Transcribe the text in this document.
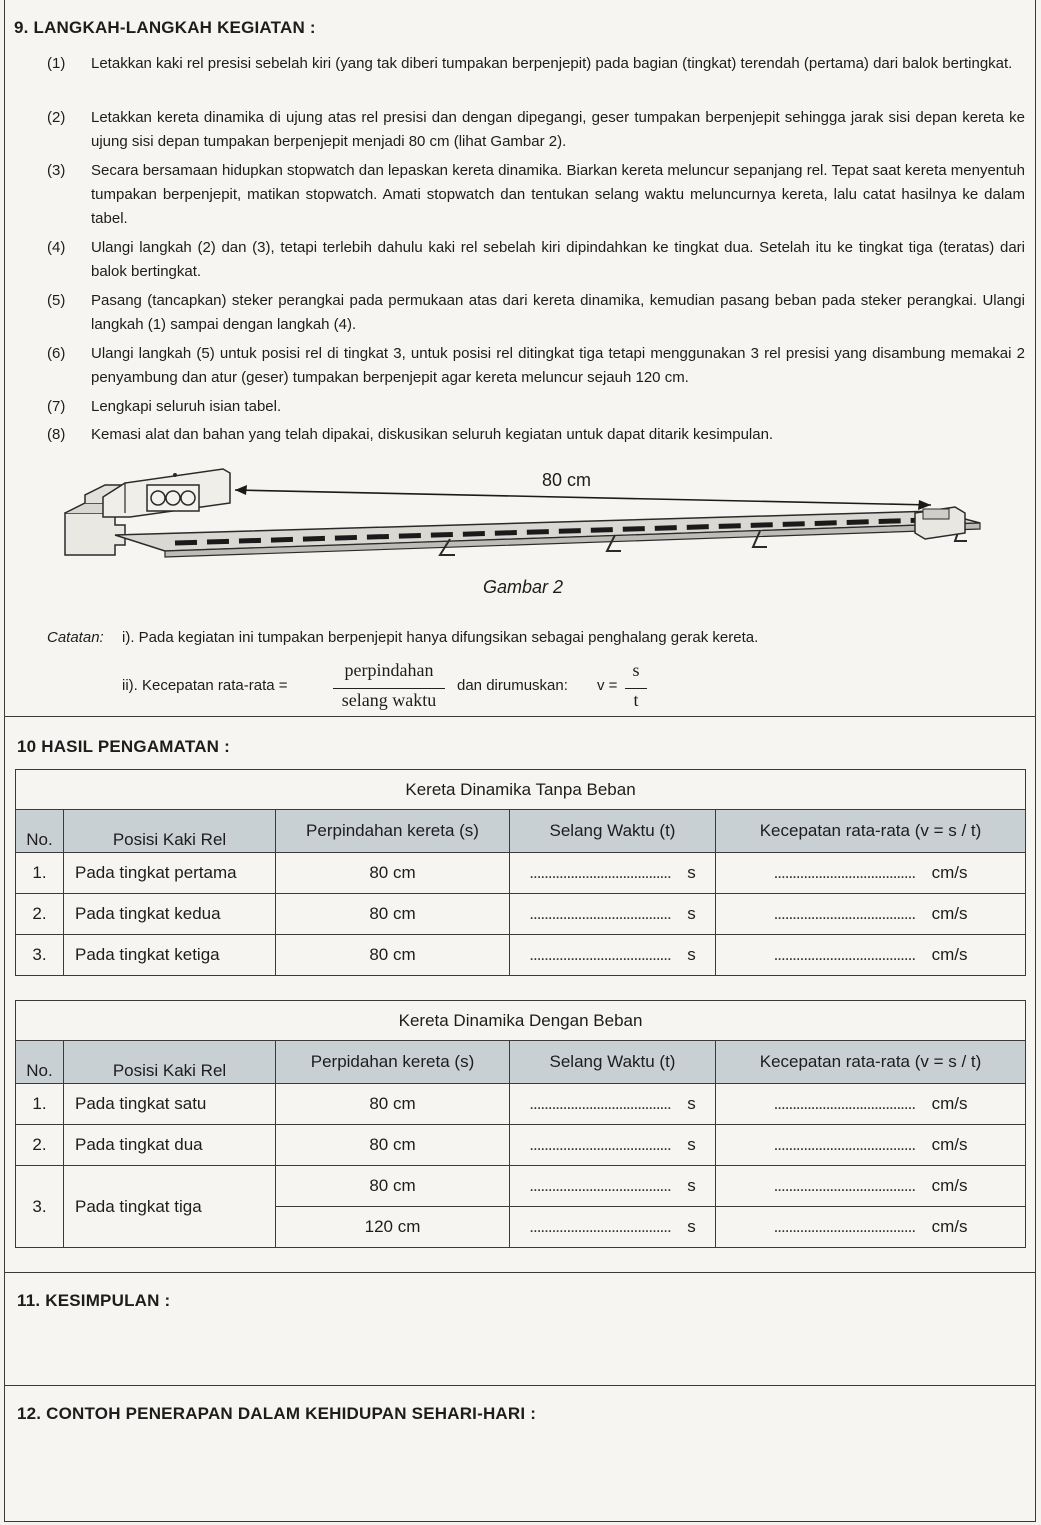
9. LANGKAH-LANGKAH KEGIATAN :
(1)	Letakkan kaki rel presisi sebelah kiri (yang tak diberi tumpakan berpenjepit) pada bagian (tingkat) terendah (pertama) dari balok bertingkat.
(2)	Letakkan kereta dinamika di ujung atas rel presisi dan dengan dipegangi, geser tumpakan berpenjepit sehingga jarak sisi depan kereta ke ujung sisi depan tumpakan berpenjepit menjadi 80 cm (lihat Gambar 2).
(3)	Secara bersamaan hidupkan stopwatch dan lepaskan kereta dinamika. Biarkan kereta meluncur sepanjang rel. Tepat saat kereta menyentuh tumpakan berpenjepit, matikan stopwatch. Amati stopwatch dan tentukan selang waktu meluncurnya kereta, lalu catat hasilnya ke dalam tabel.
(4)	Ulangi langkah (2) dan (3), tetapi terlebih dahulu kaki rel sebelah kiri dipindahkan ke tingkat dua. Setelah itu ke tingkat tiga (teratas) dari balok bertingkat.
(5)	Pasang (tancapkan) steker perangkai pada permukaan atas dari kereta dinamika, kemudian pasang beban pada steker perangkai. Ulangi langkah (1) sampai dengan langkah (4).
(6)	Ulangi langkah (5) untuk posisi rel di tingkat 3, untuk posisi rel ditingkat tiga tetapi menggunakan 3 rel presisi yang disambung memakai 2 penyambung dan atur (geser) tumpakan berpenjepit agar kereta meluncur sejauh 120 cm.
(7)	Lengkapi seluruh isian tabel.
(8)	Kemasi alat dan bahan yang telah dipakai, diskusikan seluruh kegiatan untuk dapat ditarik kesimpulan.
80 cm
Gambar 2
Catatan: i). Pada kegiatan ini tumpakan berpenjepit hanya difungsikan sebagai penghalang gerak kereta.
ii). Kecepatan rata-rata =
perpindahan
selang waktu
dan dirumuskan: v =
s
t
10 HASIL PENGAMATAN :
Kereta Dinamika Tanpa Beban				
No.	Posisi Kaki Rel	Perpindahan kereta (s)	Selang Waktu (t)	Kecepatan rata-rata (v = s / t)
1.	Pada tingkat pertama	80 cm	...................................... s	...................................... cm/s
2.	Pada tingkat kedua	80 cm	...................................... s	...................................... cm/s
3.	Pada tingkat ketiga	80 cm	...................................... s	...................................... cm/s
Kereta Dinamika Dengan Beban				
No.	Posisi Kaki Rel	Perpidahan kereta (s)	Selang Waktu (t)	Kecepatan rata-rata (v = s / t)
1.	Pada tingkat satu	80 cm	...................................... s	...................................... cm/s
2.	Pada tingkat dua	80 cm	...................................... s	...................................... cm/s
3.	Pada tingkat tiga	80 cm	...................................... s	...................................... cm/s
		120 cm	...................................... s	...................................... cm/s
11. KESIMPULAN :
12. CONTOH PENERAPAN DALAM KEHIDUPAN SEHARI-HARI :
